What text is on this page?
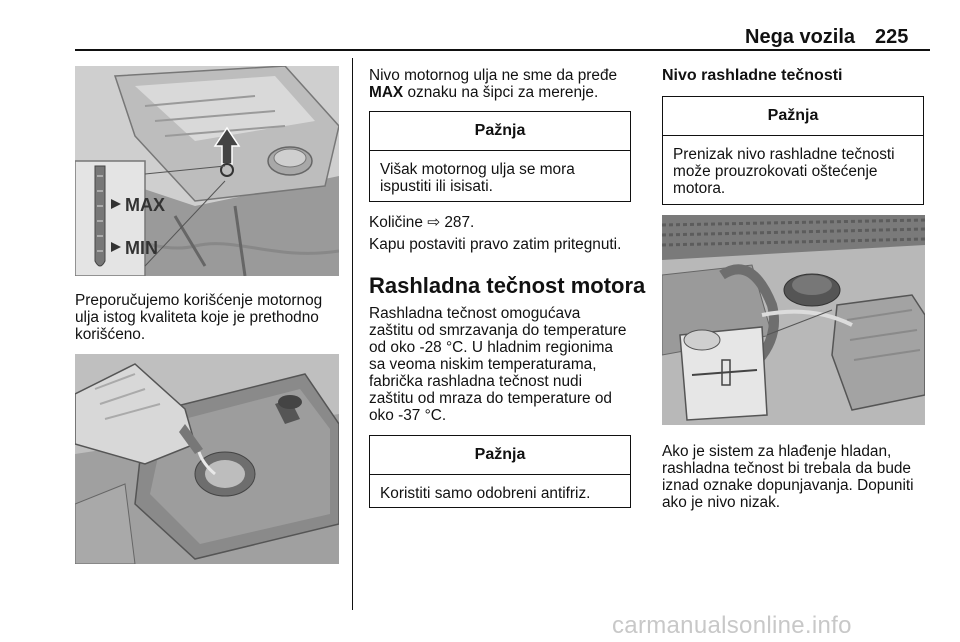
Nega vozila 225
MAX
MIN
Preporučujemo korišćenje motornog
ulja istog kvaliteta koje je prethodno
korišćeno.
Nivo motornog ulja ne sme da pređe
MAX oznaku na šipci za merenje.
Pažnja
Višak motornog ulja se mora
ispustiti ili isisati.
Količine ⇨ 287.
Kapu postaviti pravo zatim pritegnuti.
Rashladna tečnost motora
Rashladna tečnost omogućava
zaštitu od smrzavanja do temperature
od oko -28 °C. U hladnim regionima
sa veoma niskim temperaturama,
fabrička rashladna tečnost nudi
zaštitu od mraza do temperature od
oko -37 °C.
Pažnja
Koristiti samo odobreni antifriz.
Nivo rashladne tečnosti
Pažnja
Prenizak nivo rashladne tečnosti
može prouzrokovati oštećenje
motora.
Ako je sistem za hlađenje hladan,
rashladna tečnost bi trebala da bude
iznad oznake dopunjavanja. Dopuniti
ako je nivo nizak.
carmanualsonline.info
